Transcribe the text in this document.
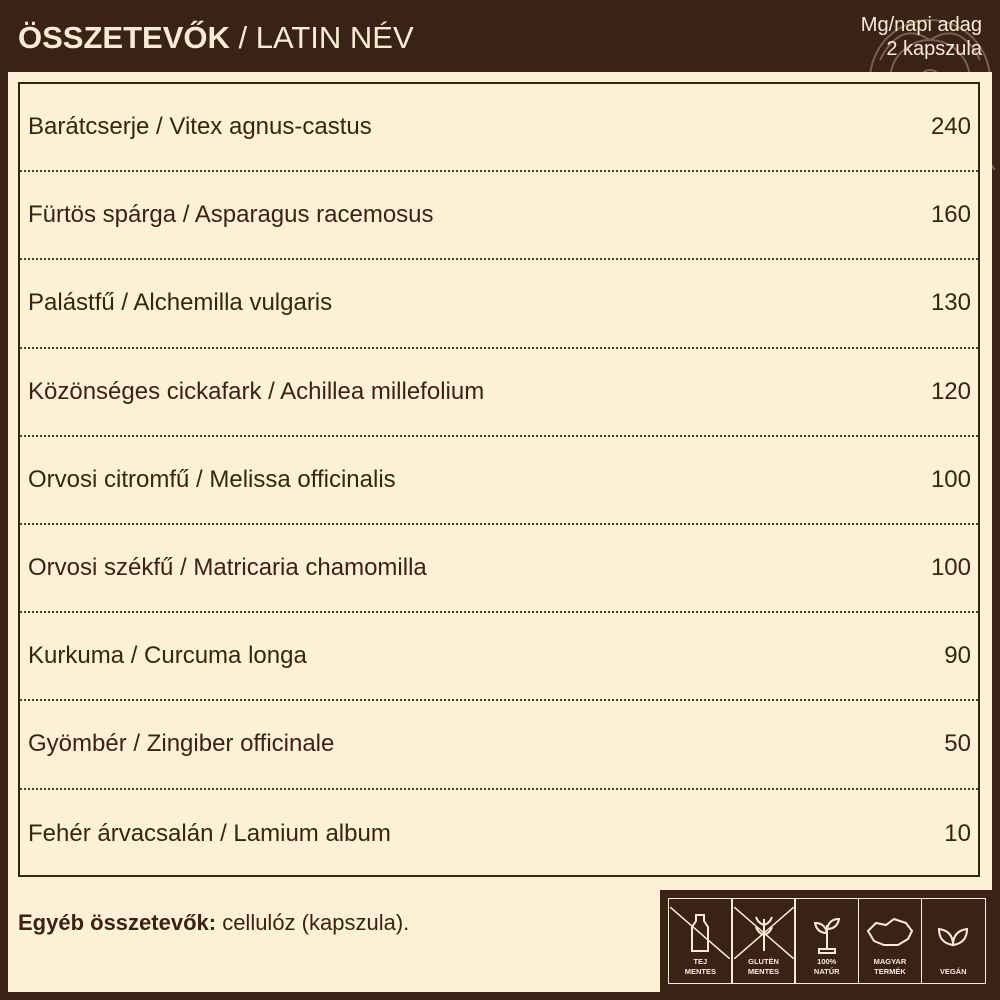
ÖSSZETEVŐK / LATIN NÉV	Mg/napi adag
2 kapszula
Barátcserje / Vitex agnus-castus	240
Fürtös spárga / Asparagus racemosus	160
Palástfű / Alchemilla vulgaris	130
Közönséges cickafark / Achillea millefolium	120
Orvosi citromfű / Melissa officinalis	100
Orvosi székfű / Matricaria chamomilla	100
Kurkuma / Curcuma longa	90
Gyömbér / Zingiber officinale	50
Fehér árvacsalán / Lamium album	10
Egyéb összetevők: cellulóz (kapszula).
TEJ
MENTES
GLUTÉN
MENTES
100%
NATÚR
MAGYAR
TERMÉK	VEGÁN
